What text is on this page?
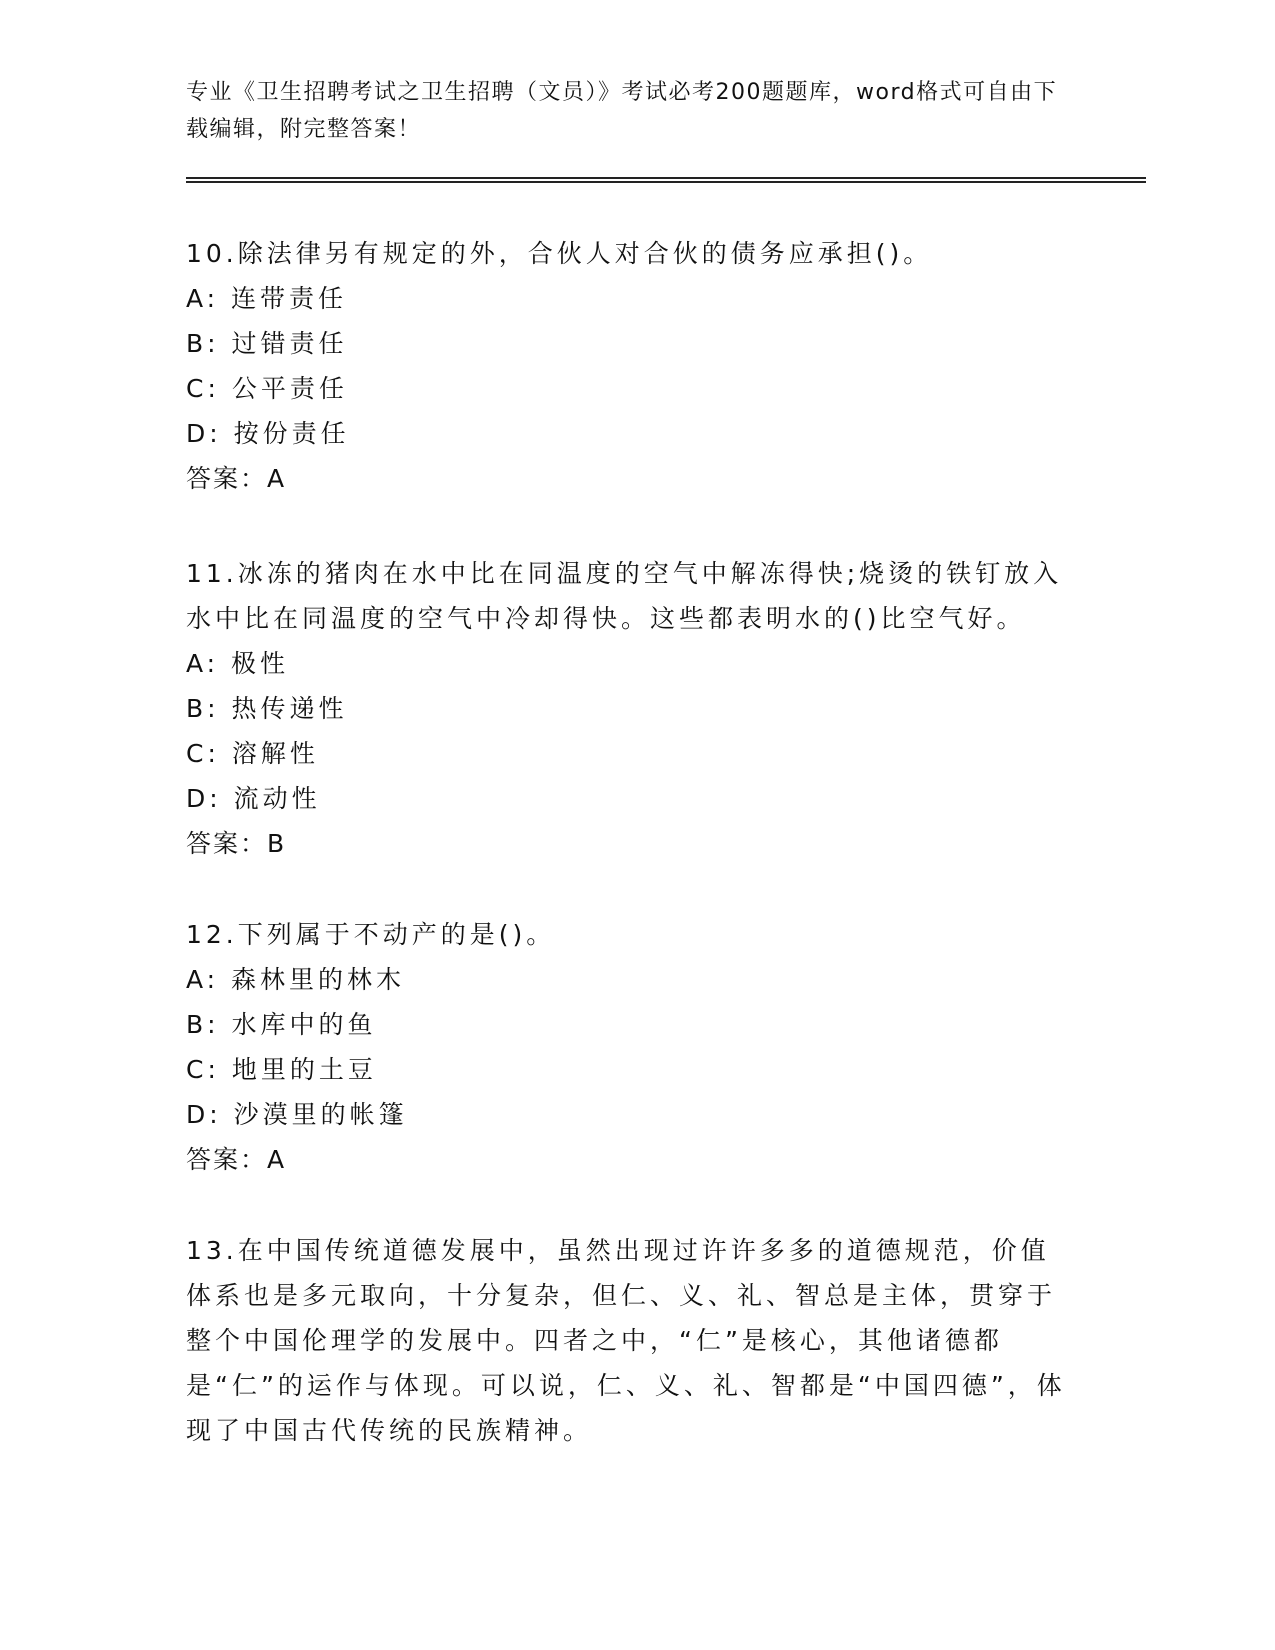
专业《卫生招聘考试之卫生招聘（文员）》考试必考200题题库，word格式可自由下载编辑，附完整答案！

10.除法律另有规定的外，合伙人对合伙的债务应承担()。

A: 连带责任

B: 过错责任

C: 公平责任

D: 按份责任

答案：A

11.冰冻的猪肉在水中比在同温度的空气中解冻得快;烧烫的铁钉放入水中比在同温度的空气中冷却得快。这些都表明水的()比空气好。

A: 极性

B: 热传递性

C: 溶解性

D: 流动性

答案：B

12.下列属于不动产的是()。

A: 森林里的林木

B: 水库中的鱼

C: 地里的土豆

D: 沙漠里的帐篷

答案：A

13.在中国传统道德发展中，虽然出现过许许多多的道德规范，价值体系也是多元取向，十分复杂，但仁、义、礼、智总是主体，贯穿于整个中国伦理学的发展中。四者之中，“仁”是核心，其他诸德都是“仁”的运作与体现。可以说，仁、义、礼、智都是“中国四德”，体现了中国古代传统的民族精神。
